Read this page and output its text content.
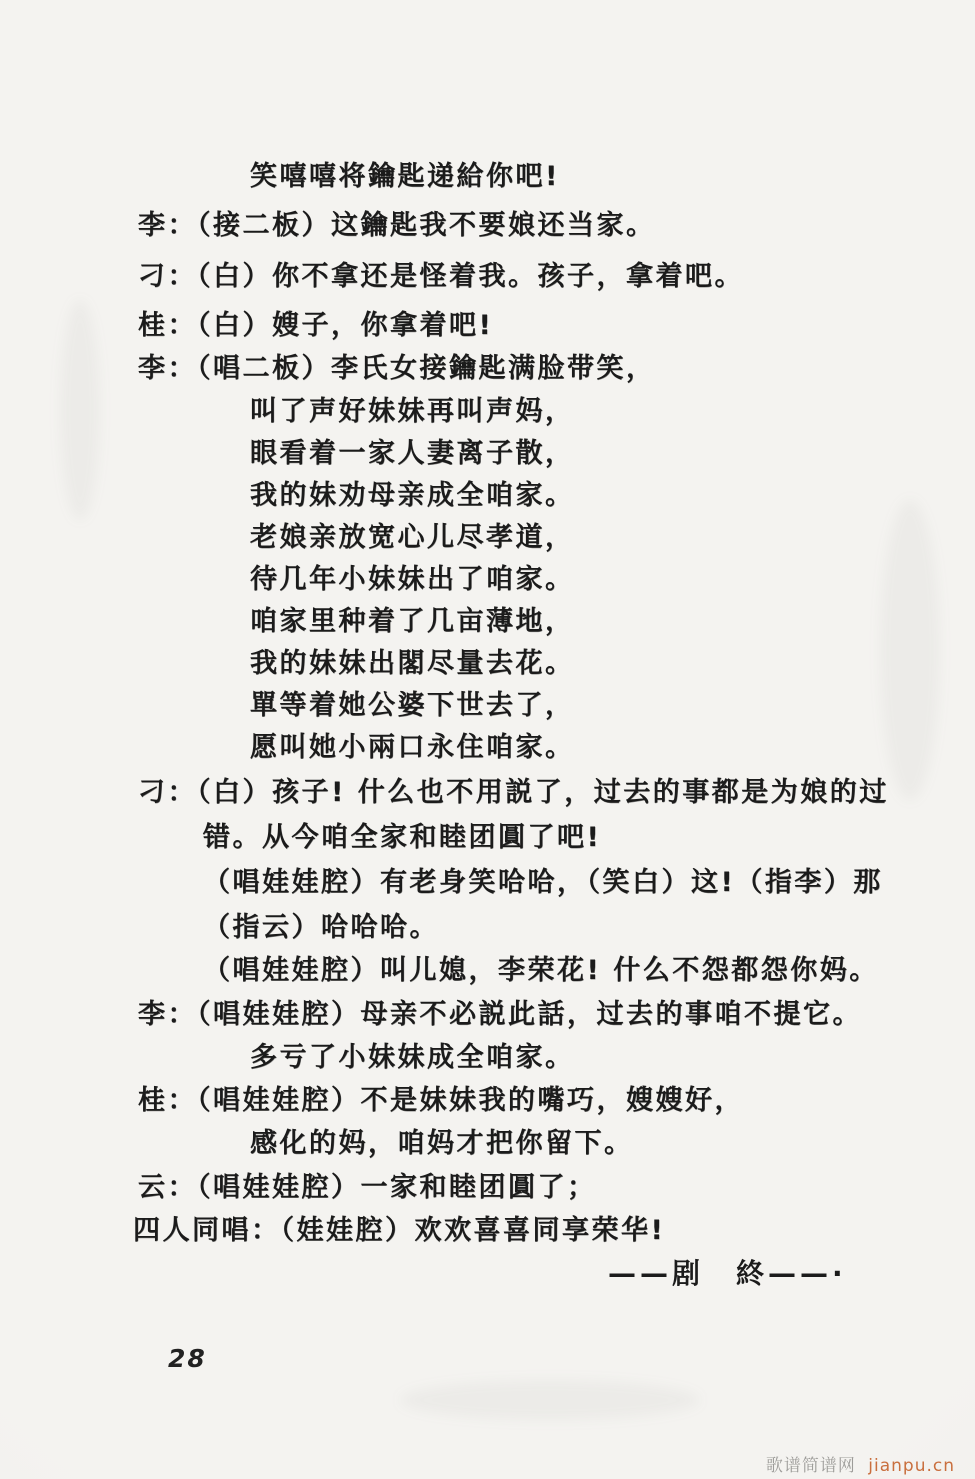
笑嘻嘻将鑰匙递給你吧!
李：（接二板）这鑰匙我不要娘还当家。
刁：（白）你不拿还是怪着我。孩子，拿着吧。
桂：（白）嫂子，你拿着吧!
李：（唱二板）李氏女接鑰匙满脸带笑，
叫了声好妹妹再叫声妈，
眼看着一家人妻离子散，
我的妹劝母亲成全咱家。
老娘亲放宽心儿尽孝道，
待几年小妹妹出了咱家。
咱家里种着了几亩薄地，
我的妹妹出閣尽量去花。
單等着她公婆下世去了，
愿叫她小兩口永住咱家。
刁：（白）孩子! 什么也不用説了，过去的事都是为娘的过
错。从今咱全家和睦团圓了吧!
（唱娃娃腔）有老身笑哈哈，（笑白）这!（指李）那
（指云）哈哈哈。
（唱娃娃腔）叫儿媳，李荣花! 什么不怨都怨你妈。
李：（唱娃娃腔）母亲不必説此話，过去的事咱不提它。
多亏了小妹妹成全咱家。
桂：（唱娃娃腔）不是妹妹我的嘴巧，嫂嫂好，
感化的妈，咱妈才把你留下。
云：（唱娃娃腔）一家和睦团圓了；
四人同唱：（娃娃腔）欢欢喜喜同享荣华!
——剧　終——·
28
歌谱简谱网 jianpu.cn
